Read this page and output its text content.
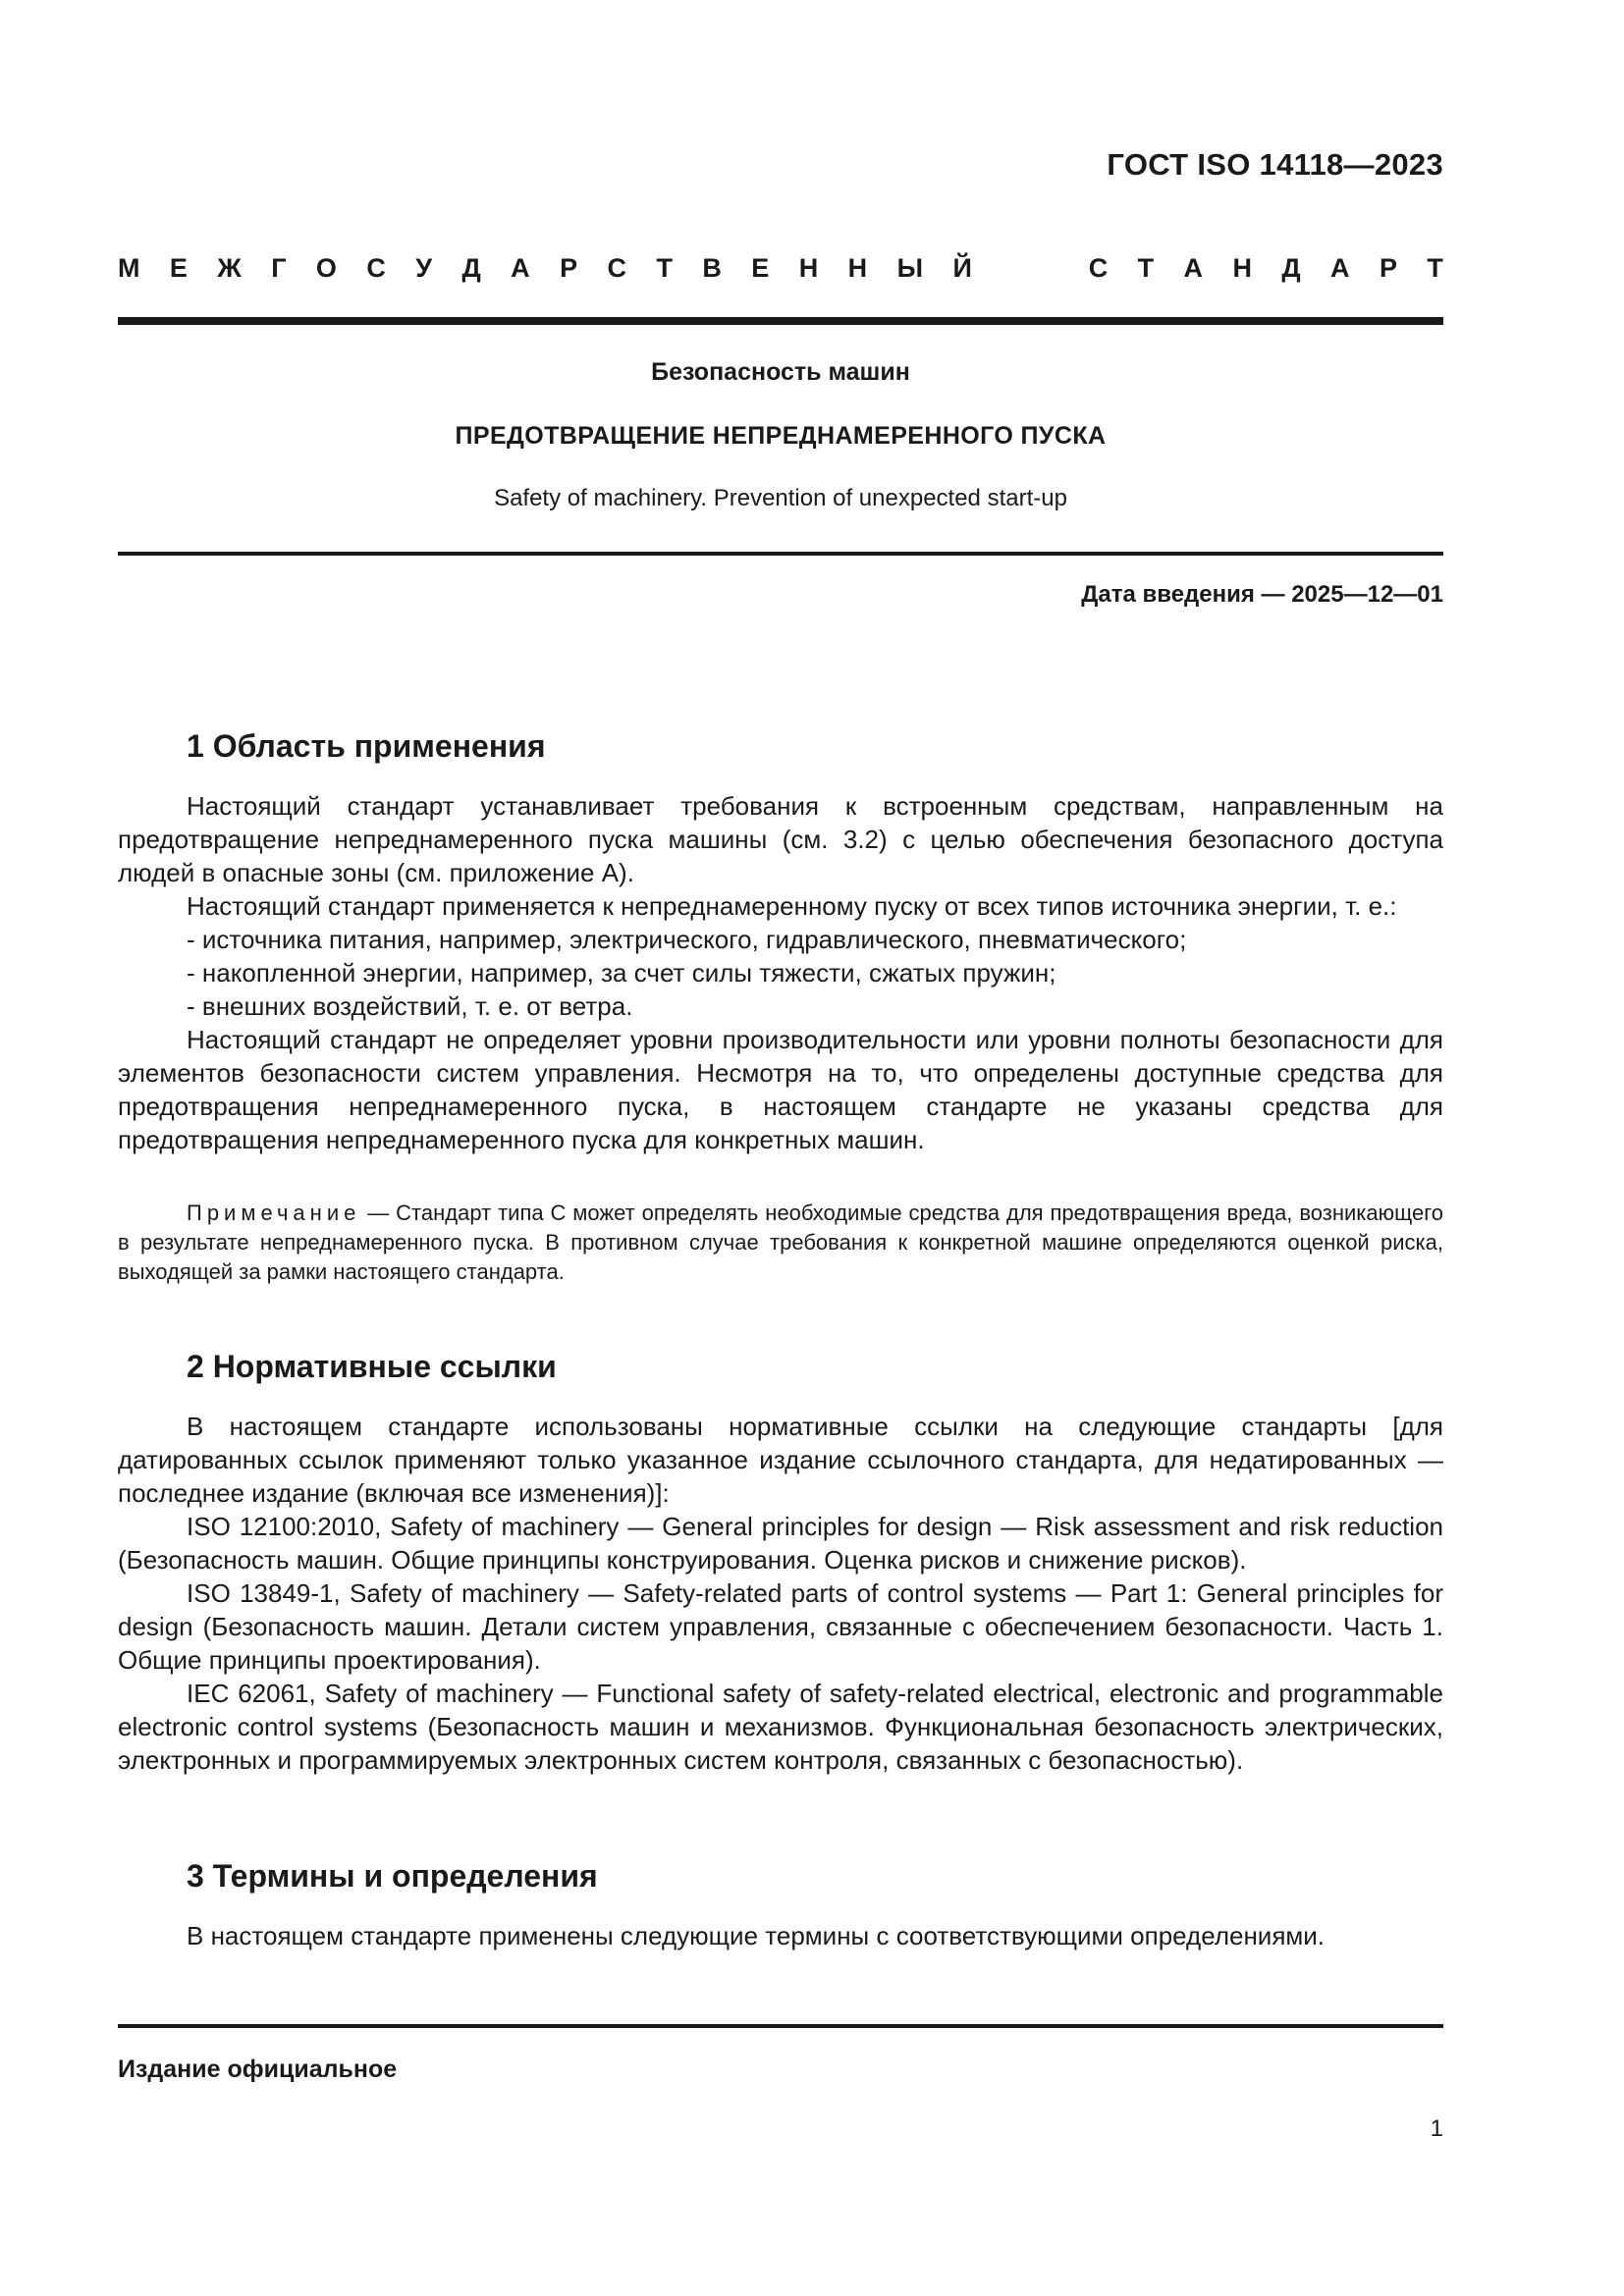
ГОСТ ISO 14118—2023
М Е Ж Г О С У Д А Р С Т В Е Н Н Ы Й	С Т А Н Д А Р Т
Безопасность машин
ПРЕДОТВРАЩЕНИЕ НЕПРЕДНАМЕРЕННОГО ПУСКА
Safety of machinery. Prevention of unexpected start-up
Дата введения — 2025—12—01
1 Область применения

Настоящий стандарт устанавливает требования к встроенным средствам, направленным на предотвращение непреднамеренного пуска машины (см. 3.2) с целью обеспечения безопасного доступа людей в опасные зоны (см. приложение А).

Настоящий стандарт применяется к непреднамеренному пуску от всех типов источника энергии, т. е.:

- источника питания, например, электрического, гидравлического, пневматического;

- накопленной энергии, например, за счет силы тяжести, сжатых пружин;

- внешних воздействий, т. е. от ветра.

Настоящий стандарт не определяет уровни производительности или уровни полноты безопасности для элементов безопасности систем управления. Несмотря на то, что определены доступные средства для предотвращения непреднамеренного пуска, в настоящем стандарте не указаны средства для предотвращения непреднамеренного пуска для конкретных машин.

Примечание — Стандарт типа С может определять необходимые средства для предотвращения вреда, возникающего в результате непреднамеренного пуска. В противном случае требования к конкретной машине определяются оценкой риска, выходящей за рамки настоящего стандарта.

2 Нормативные ссылки

В настоящем стандарте использованы нормативные ссылки на следующие стандарты [для датированных ссылок применяют только указанное издание ссылочного стандарта, для недатированных — последнее издание (включая все изменения)]:

ISO 12100:2010, Safety of machinery — General principles for design — Risk assessment and risk reduction (Безопасность машин. Общие принципы конструирования. Оценка рисков и снижение рисков).

ISO 13849-1, Safety of machinery — Safety-related parts of control systems — Part 1: General principles for design (Безопасность машин. Детали систем управления, связанные с обеспечением безопасности. Часть 1. Общие принципы проектирования).

IEC 62061, Safety of machinery — Functional safety of safety-related electrical, electronic and programmable electronic control systems (Безопасность машин и механизмов. Функциональная безопасность электрических, электронных и программируемых электронных систем контроля, связанных с безопасностью).

3 Термины и определения

В настоящем стандарте применены следующие термины с соответствующими определениями.

Издание официальное
1
